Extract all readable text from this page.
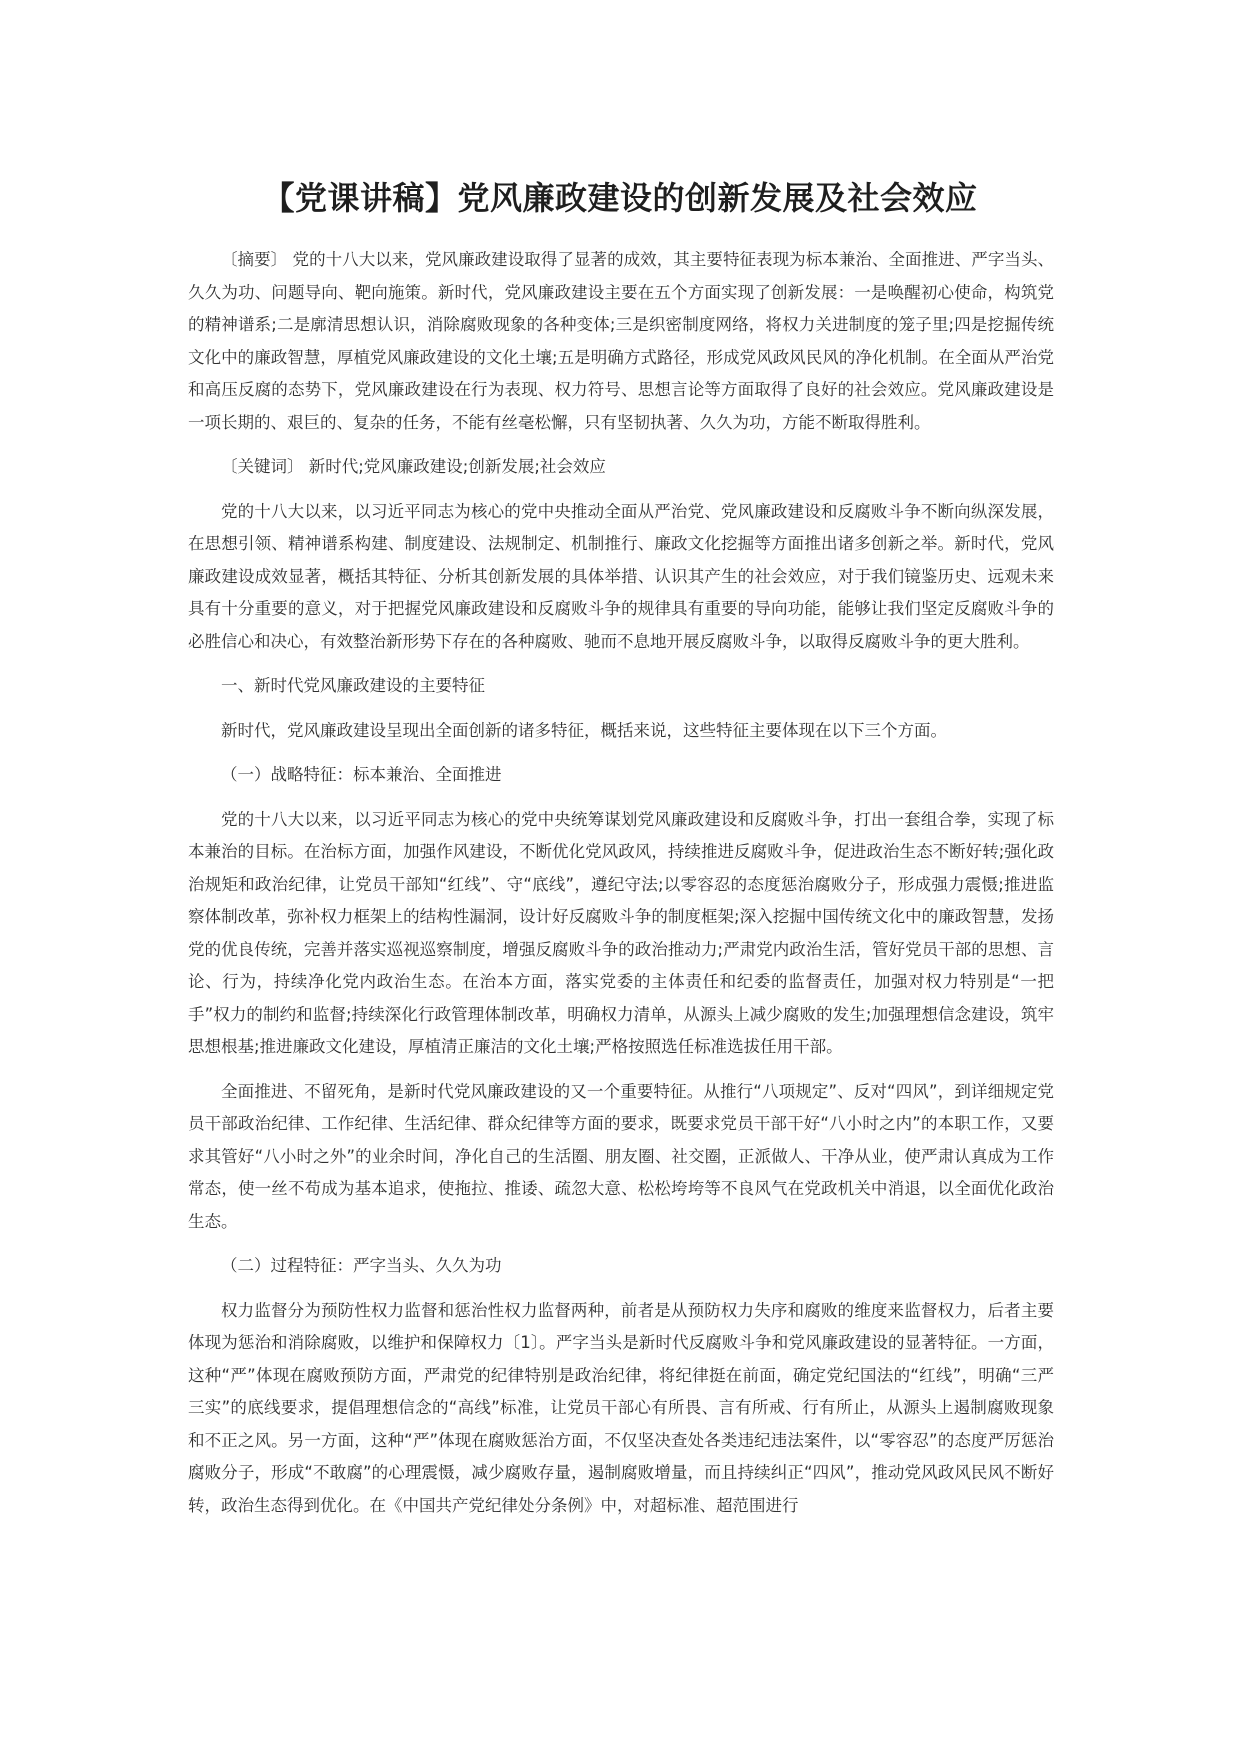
【党课讲稿】党风廉政建设的创新发展及社会效应

〔摘要〕 党的十八大以来，党风廉政建设取得了显著的成效，其主要特征表现为标本兼治、全面推进、严字当头、久久为功、问题导向、靶向施策。新时代，党风廉政建设主要在五个方面实现了创新发展：一是唤醒初心使命，构筑党的精神谱系;二是廓清思想认识，消除腐败现象的各种变体;三是织密制度网络，将权力关进制度的笼子里;四是挖掘传统文化中的廉政智慧，厚植党风廉政建设的文化土壤;五是明确方式路径，形成党风政风民风的净化机制。在全面从严治党和高压反腐的态势下，党风廉政建设在行为表现、权力符号、思想言论等方面取得了良好的社会效应。党风廉政建设是一项长期的、艰巨的、复杂的任务，不能有丝毫松懈，只有坚韧执著、久久为功，方能不断取得胜利。

〔关键词〕 新时代;党风廉政建设;创新发展;社会效应

党的十八大以来，以习近平同志为核心的党中央推动全面从严治党、党风廉政建设和反腐败斗争不断向纵深发展，在思想引领、精神谱系构建、制度建设、法规制定、机制推行、廉政文化挖掘等方面推出诸多创新之举。新时代，党风廉政建设成效显著，概括其特征、分析其创新发展的具体举措、认识其产生的社会效应，对于我们镜鉴历史、远观未来具有十分重要的意义，对于把握党风廉政建设和反腐败斗争的规律具有重要的导向功能，能够让我们坚定反腐败斗争的必胜信心和决心，有效整治新形势下存在的各种腐败、驰而不息地开展反腐败斗争，以取得反腐败斗争的更大胜利。

一、新时代党风廉政建设的主要特征

新时代，党风廉政建设呈现出全面创新的诸多特征，概括来说，这些特征主要体现在以下三个方面。

（一）战略特征：标本兼治、全面推进

党的十八大以来，以习近平同志为核心的党中央统筹谋划党风廉政建设和反腐败斗争，打出一套组合拳，实现了标本兼治的目标。在治标方面，加强作风建设，不断优化党风政风，持续推进反腐败斗争，促进政治生态不断好转;强化政治规矩和政治纪律，让党员干部知“红线”、守“底线”，遵纪守法;以零容忍的态度惩治腐败分子，形成强力震慑;推进监察体制改革，弥补权力框架上的结构性漏洞，设计好反腐败斗争的制度框架;深入挖掘中国传统文化中的廉政智慧，发扬党的优良传统，完善并落实巡视巡察制度，增强反腐败斗争的政治推动力;严肃党内政治生活，管好党员干部的思想、言论、行为，持续净化党内政治生态。在治本方面，落实党委的主体责任和纪委的监督责任，加强对权力特别是“一把手”权力的制约和监督;持续深化行政管理体制改革，明确权力清单，从源头上减少腐败的发生;加强理想信念建设，筑牢思想根基;推进廉政文化建设，厚植清正廉洁的文化土壤;严格按照选任标准选拔任用干部。

全面推进、不留死角，是新时代党风廉政建设的又一个重要特征。从推行“八项规定”、反对“四风”，到详细规定党员干部政治纪律、工作纪律、生活纪律、群众纪律等方面的要求，既要求党员干部干好“八小时之内”的本职工作，又要求其管好“八小时之外”的业余时间，净化自己的生活圈、朋友圈、社交圈，正派做人、干净从业，使严肃认真成为工作常态，使一丝不苟成为基本追求，使拖拉、推诿、疏忽大意、松松垮垮等不良风气在党政机关中消退，以全面优化政治生态。

（二）过程特征：严字当头、久久为功

权力监督分为预防性权力监督和惩治性权力监督两种，前者是从预防权力失序和腐败的维度来监督权力，后者主要体现为惩治和消除腐败，以维护和保障权力〔1〕。严字当头是新时代反腐败斗争和党风廉政建设的显著特征。一方面，这种“严”体现在腐败预防方面，严肃党的纪律特别是政治纪律，将纪律挺在前面，确定党纪国法的“红线”，明确“三严三实”的底线要求，提倡理想信念的“高线”标准，让党员干部心有所畏、言有所戒、行有所止，从源头上遏制腐败现象和不正之风。另一方面，这种“严”体现在腐败惩治方面，不仅坚决查处各类违纪违法案件，以“零容忍”的态度严厉惩治腐败分子，形成“不敢腐”的心理震慑，减少腐败存量，遏制腐败增量，而且持续纠正“四风”，推动党风政风民风不断好转，政治生态得到优化。在《中国共产党纪律处分条例》中，对超标准、超范围进行
